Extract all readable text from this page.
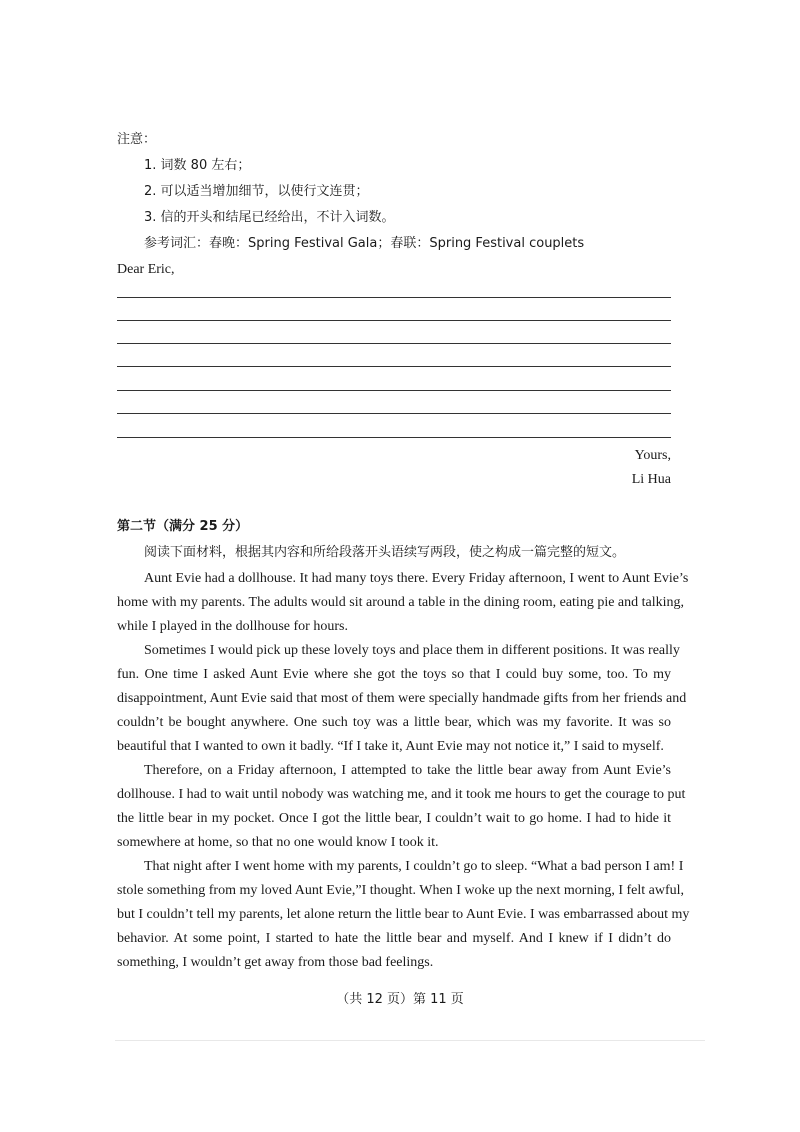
注意：
1. 词数 80 左右；
2. 可以适当增加细节，以使行文连贯；
3. 信的开头和结尾已经给出，不计入词数。
参考词汇：春晚：Spring Festival Gala；春联：Spring Festival couplets
Dear Eric,
Yours,
Li Hua
第二节（满分 25 分）
阅读下面材料，根据其内容和所给段落开头语续写两段，使之构成一篇完整的短文。
Aunt Evie had a dollhouse. It had many toys there. Every Friday afternoon, I went to Aunt Evie’s
home with my parents. The adults would sit around a table in the dining room, eating pie and talking,
while I played in the dollhouse for hours.
Sometimes I would pick up these lovely toys and place them in different positions. It was really
fun. One time I asked Aunt Evie where she got the toys so that I could buy some, too. To my
disappointment, Aunt Evie said that most of them were specially handmade gifts from her friends and
couldn’t be bought anywhere. One such toy was a little bear, which was my favorite. It was so
beautiful that I wanted to own it badly. “If I take it, Aunt Evie may not notice it,” I said to myself.
Therefore, on a Friday afternoon, I attempted to take the little bear away from Aunt Evie’s
dollhouse. I had to wait until nobody was watching me, and it took me hours to get the courage to put
the little bear in my pocket. Once I got the little bear, I couldn’t wait to go home. I had to hide it
somewhere at home, so that no one would know I took it.
That night after I went home with my parents, I couldn’t go to sleep. “What a bad person I am! I
stole something from my loved Aunt Evie,”I thought. When I woke up the next morning, I felt awful,
but I couldn’t tell my parents, let alone return the little bear to Aunt Evie. I was embarrassed about my
behavior. At some point, I started to hate the little bear and myself. And I knew if I didn’t do
something, I wouldn’t get away from those bad feelings.
（共 12 页）第 11 页
